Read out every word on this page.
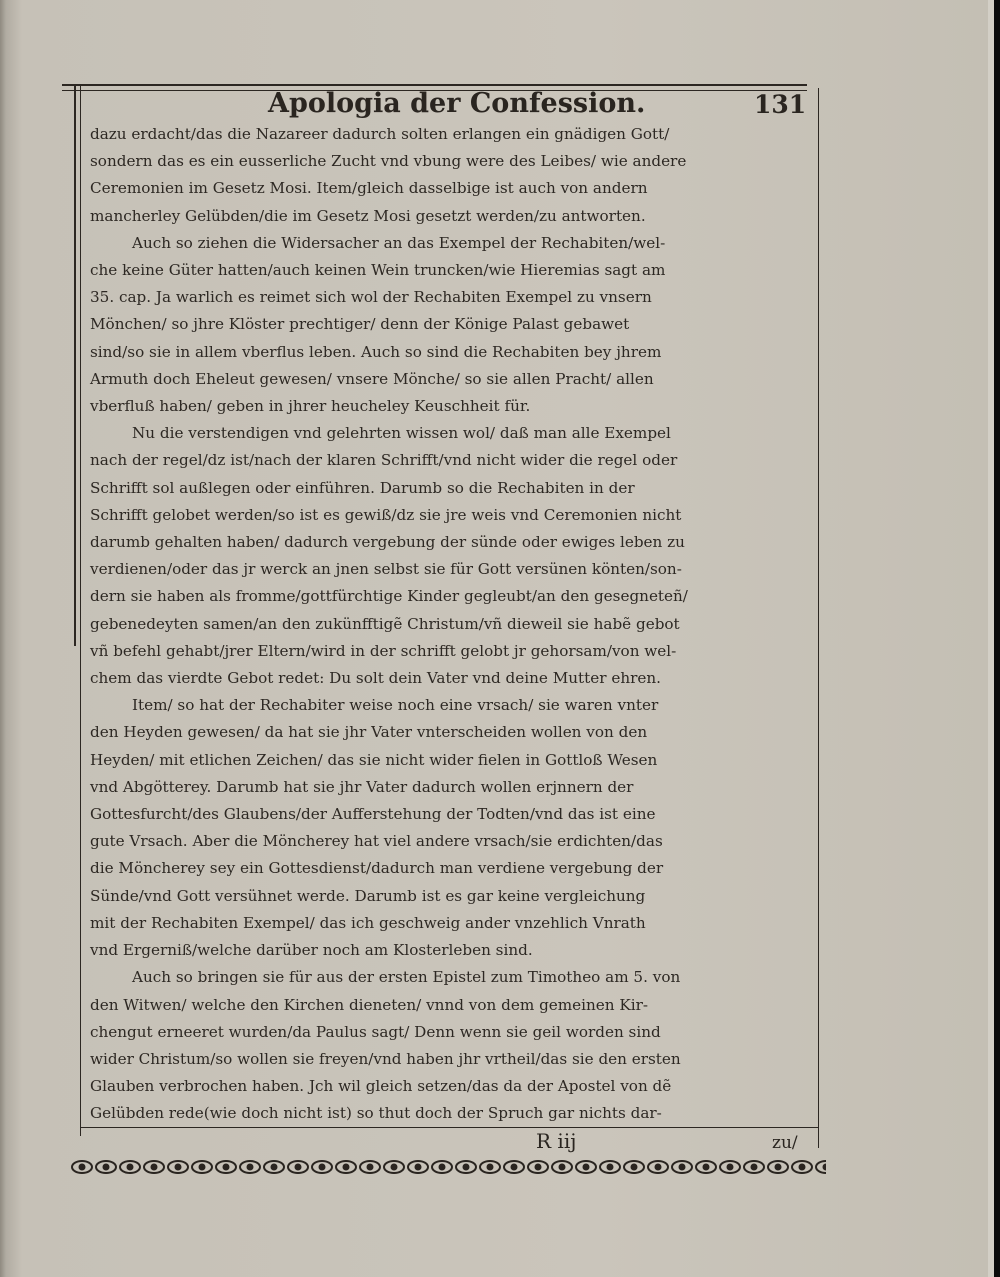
Apologia der Confession.	131

dazu erdacht/das die Nazareer dadurch solten erlangen ein gnädigen Gott/
sondern das es ein eusserliche Zucht vnd vbung were des Leibes/ wie andere
Ceremonien im Gesetz Mosi. Item/gleich dasselbige ist auch von andern
mancherley Gelübden/die im Gesetz Mosi gesetzt werden/zu antworten.

Auch so ziehen die Widersacher an das Exempel der Rechabiten/wel-
che keine Güter hatten/auch keinen Wein truncken/wie Hieremias sagt am
35. cap. Ja warlich es reimet sich wol der Rechabiten Exempel zu vnsern
Mönchen/ so jhre Klöster prechtiger/ denn der Könige Palast gebawet
sind/so sie in allem vberflus leben. Auch so sind die Rechabiten bey jhrem
Armuth doch Eheleut gewesen/ vnsere Mönche/ so sie allen Pracht/ allen
vberfluß haben/ geben in jhrer heucheley Keuschheit für.

Nu die verstendigen vnd gelehrten wissen wol/ daß man alle Exempel
nach der regel/dz ist/nach der klaren Schrifft/vnd nicht wider die regel oder
Schrifft sol außlegen oder einführen. Darumb so die Rechabiten in der
Schrifft gelobet werden/so ist es gewiß/dz sie jre weis vnd Ceremonien nicht
darumb gehalten haben/ dadurch vergebung der sünde oder ewiges leben zu
verdienen/oder das jr werck an jnen selbst sie für Gott versünen könten/son-
dern sie haben als fromme/gottfürchtige Kinder gegleubt/an den gesegneteñ/
gebenedeyten samen/an den zukünfftigẽ Christum/vñ dieweil sie habẽ gebot
vñ befehl gehabt/jrer Eltern/wird in der schrifft gelobt jr gehorsam/von wel-
chem das vierdte Gebot redet: Du solt dein Vater vnd deine Mutter ehren.

Item/ so hat der Rechabiter weise noch eine vrsach/ sie waren vnter
den Heyden gewesen/ da hat sie jhr Vater vnterscheiden wollen von den
Heyden/ mit etlichen Zeichen/ das sie nicht wider fielen in Gottloß Wesen
vnd Abgötterey. Darumb hat sie jhr Vater dadurch wollen erjnnern der
Gottesfurcht/des Glaubens/der Aufferstehung der Todten/vnd das ist eine
gute Vrsach. Aber die Möncherey hat viel andere vrsach/sie erdichten/das
die Möncherey sey ein Gottesdienst/dadurch man verdiene vergebung der
Sünde/vnd Gott versühnet werde. Darumb ist es gar keine vergleichung
mit der Rechabiten Exempel/ das ich geschweig ander vnzehlich Vnrath
vnd Ergerniß/welche darüber noch am Klosterleben sind.

Auch so bringen sie für aus der ersten Epistel zum Timotheo am 5. von
den Witwen/ welche den Kirchen dieneten/ vnnd von dem gemeinen Kir-
chengut erneeret wurden/da Paulus sagt/ Denn wenn sie geil worden sind
wider Christum/so wollen sie freyen/vnd haben jhr vrtheil/das sie den ersten
Glauben verbrochen haben. Jch wil gleich setzen/das da der Apostel von dẽ
Gelübden rede(wie doch nicht ist) so thut doch der Spruch gar nichts dar-

R iij	zu/
